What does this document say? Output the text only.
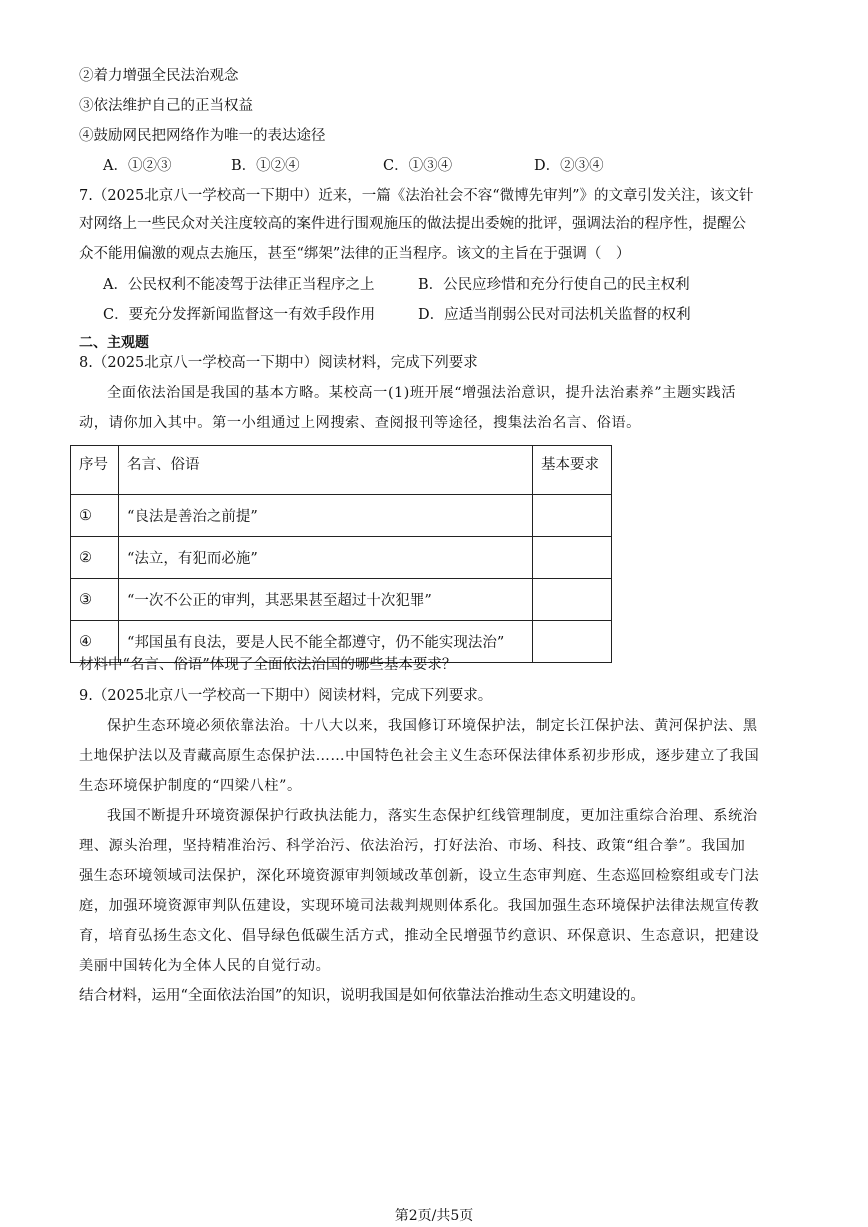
②着力增强全民法治观念
③依法维护自己的正当权益
④鼓励网民把网络作为唯一的表达途径
A．①②③	B．①②④	C．①③④	D．②③④
7.（2025北京八一学校高一下期中）近来，一篇《法治社会不容“微博先审判”》的文章引发关注，该文针
对网络上一些民众对关注度较高的案件进行围观施压的做法提出委婉的批评，强调法治的程序性，提醒公
众不能用偏激的观点去施压，甚至“绑架”法律的正当程序。该文的主旨在于强调（　）
A．公民权利不能凌驾于法律正当程序之上	B．公民应珍惜和充分行使自己的民主权利
C．要充分发挥新闻监督这一有效手段作用	D．应适当削弱公民对司法机关监督的权利
二、主观题
8.（2025北京八一学校高一下期中）阅读材料，完成下列要求
全面依法治国是我国的基本方略。某校高一(1)班开展“增强法治意识，提升法治素养”主题实践活
动，请你加入其中。第一小组通过上网搜索、查阅报刊等途径，搜集法治名言、俗语。
序号	名言、俗语	基本要求
①	“良法是善治之前提”	
②	“法立，有犯而必施”	
③	“一次不公正的审判，其恶果甚至超过十次犯罪”	
④	“邦国虽有良法，要是人民不能全都遵守，仍不能实现法治”	
材料中“名言、俗语”体现了全面依法治国的哪些基本要求？
9.（2025北京八一学校高一下期中）阅读材料，完成下列要求。
保护生态环境必须依靠法治。十八大以来，我国修订环境保护法，制定长江保护法、黄河保护法、黑
土地保护法以及青藏高原生态保护法……中国特色社会主义生态环保法律体系初步形成，逐步建立了我国
生态环境保护制度的“四梁八柱”。
我国不断提升环境资源保护行政执法能力，落实生态保护红线管理制度，更加注重综合治理、系统治
理、源头治理，坚持精准治污、科学治污、依法治污，打好法治、市场、科技、政策“组合拳”。我国加
强生态环境领域司法保护，深化环境资源审判领域改革创新，设立生态审判庭、生态巡回检察组或专门法
庭，加强环境资源审判队伍建设，实现环境司法裁判规则体系化。我国加强生态环境保护法律法规宣传教
育，培育弘扬生态文化、倡导绿色低碳生活方式，推动全民增强节约意识、环保意识、生态意识，把建设
美丽中国转化为全体人民的自觉行动。
结合材料，运用“全面依法治国”的知识，说明我国是如何依靠法治推动生态文明建设的。
第2页/共5页
